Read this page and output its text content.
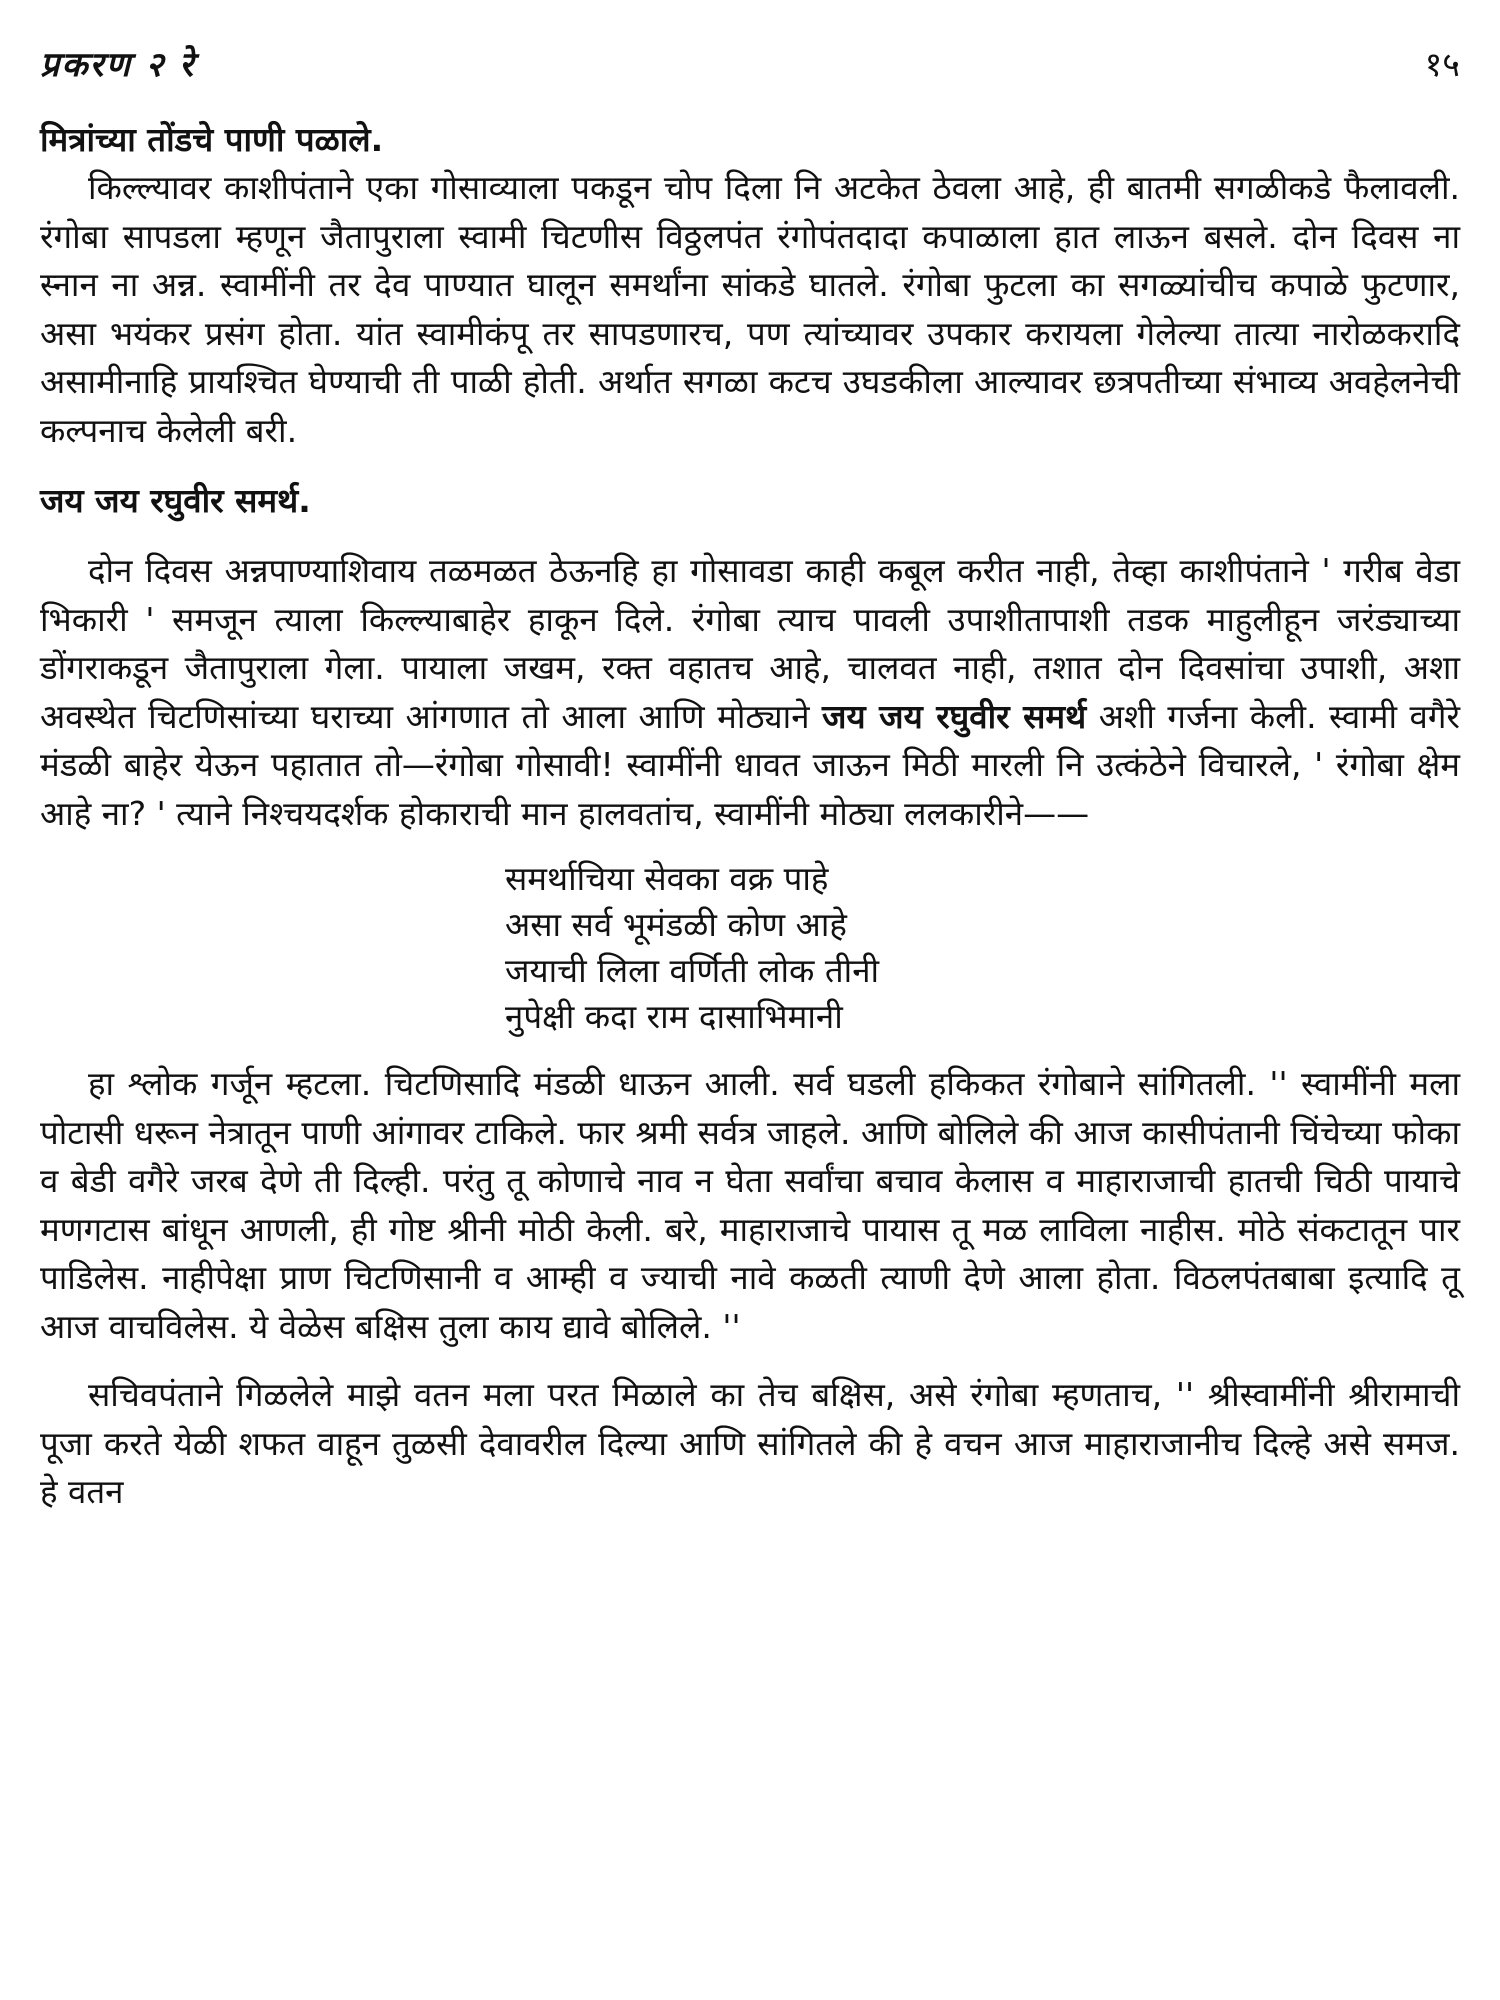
प्रकरण २ रे	१५

मित्रांच्या तोंडचे पाणी पळाले.

किल्ल्यावर काशीपंताने एका गोसाव्याला पकडून चोप दिला नि अटकेत ठेवला आहे, ही बातमी सगळीकडे फैलावली. रंगोबा सापडला म्हणून जैतापुराला स्वामी चिटणीस विठ्ठलपंत रंगोपंतदादा कपाळाला हात लाऊन बसले. दोन दिवस ना स्नान ना अन्न. स्वामींनी तर देव पाण्यात घालून समर्थांना सांकडे घातले. रंगोबा फुटला का सगळ्यांचीच कपाळे फुटणार, असा भयंकर प्रसंग होता. यांत स्वामीकंपू तर सापडणारच, पण त्यांच्यावर उपकार करायला गेलेल्या तात्या नारोळकरादि असामीनाहि प्रायश्चित घेण्याची ती पाळी होती. अर्थात सगळा कटच उघडकीला आल्यावर छत्रपतीच्या संभाव्य अवहेलनेची कल्पनाच केलेली बरी.

जय जय रघुवीर समर्थ.

दोन दिवस अन्नपाण्याशिवाय तळमळत ठेऊनहि हा गोसावडा काही कबूल करीत नाही, तेव्हा काशीपंताने ' गरीब वेडा भिकारी ' समजून त्याला किल्ल्याबाहेर हाकून दिले. रंगोबा त्याच पावली उपाशीतापाशी तडक माहुलीहून जरंड्याच्या डोंगराकडून जैतापुराला गेला. पायाला जखम, रक्त वहातच आहे, चालवत नाही, तशात दोन दिवसांचा उपाशी, अशा अवस्थेत चिटणिसांच्या घराच्या आंगणात तो आला आणि मोठ्याने जय जय रघुवीर समर्थ अशी गर्जना केली. स्वामी वगैरे मंडळी बाहेर येऊन पहातात तो—रंगोबा गोसावी! स्वामींनी धावत जाऊन मिठी मारली नि उत्कंठेने विचारले, ' रंगोबा क्षेम आहे ना? ' त्याने निश्चयदर्शक होकाराची मान हालवतांच, स्वामींनी मोठ्या ललकारीने——

समर्थाचिया सेवका वक्र पाहे
असा सर्व भूमंडळी कोण आहे
जयाची लिला वर्णिती लोक तीनी
नुपेक्षी कदा राम दासाभिमानी

हा श्लोक गर्जून म्हटला. चिटणिसादि मंडळी धाऊन आली. सर्व घडली हकिकत रंगोबाने सांगितली. '' स्वामींनी मला पोटासी धरून नेत्रातून पाणी आंगावर टाकिले. फार श्रमी सर्वत्र जाहले. आणि बोलिले की आज कासीपंतानी चिंचेच्या फोका व बेडी वगैरे जरब देणे ती दिल्ही. परंतु तू कोणाचे नाव न घेता सर्वांचा बचाव केलास व माहाराजाची हातची चिठी पायाचे मणगटास बांधून आणली, ही गोष्ट श्रीनी मोठी केली. बरे, माहाराजाचे पायास तू मळ लाविला नाहीस. मोठे संकटातून पार पाडिलेस. नाहीपेक्षा प्राण चिटणिसानी व आम्ही व ज्याची नावे कळती त्याणी देणे आला होता. विठलपंतबाबा इत्यादि तू आज वाचविलेस. ये वेळेस बक्षिस तुला काय द्यावे बोलिले. ''

सचिवपंताने गिळलेले माझे वतन मला परत मिळाले का तेच बक्षिस, असे रंगोबा म्हणताच, '' श्रीस्वामींनी श्रीरामाची पूजा करते येळी शफत वाहून तुळसी देवावरील दिल्या आणि सांगितले की हे वचन आज माहाराजानीच दिल्हे असे समज. हे वतन
